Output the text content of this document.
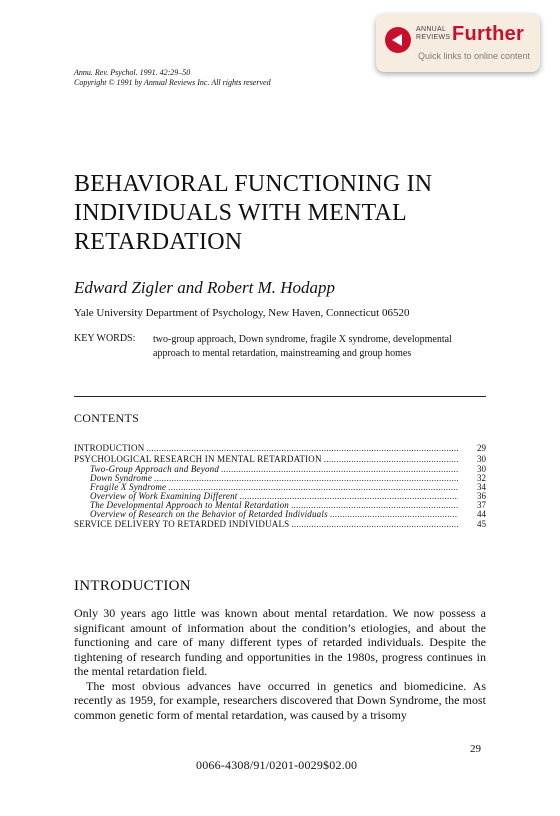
ANNUAL
REVIEWS Further
Quick links to online content
Annu. Rev. Psychol. 1991. 42:29–50
Copyright © 1991 by Annual Reviews Inc. All rights reserved
BEHAVIORAL FUNCTIONING IN
INDIVIDUALS WITH MENTAL
RETARDATION
Edward Zigler and Robert M. Hodapp
Yale University Department of Psychology, New Haven, Connecticut 06520
KEY WORDS: two-group approach, Down syndrome, fragile X syndrome, developmental approach to mental retardation, mainstreaming and group homes
CONTENTS
INTRODUCTION . . .	29
PSYCHOLOGICAL RESEARCH IN MENTAL RETARDATION . . .	30
Two-Group Approach and Beyond . . .	30
Down Syndrome . . .	32
Fragile X Syndrome . . .	34
Overview of Work Examining Different . . .	36
The Developmental Approach to Mental Retardation . . .	37
Overview of Research on the Behavior of Retarded Individuals . . .	44
SERVICE DELIVERY TO RETARDED INDIVIDUALS . . .	45
INTRODUCTION

Only 30 years ago little was known about mental retardation. We now possess a significant amount of information about the condition’s etiologies, and about the functioning and care of many different types of retarded individuals. Despite the tightening of research funding and opportunities in the 1980s, progress continues in the mental retardation field.

The most obvious advances have occurred in genetics and biomedicine. As recently as 1959, for example, researchers discovered that Down Syndrome, the most common genetic form of mental retardation, was caused by a trisomy

29
0066-4308/91/0201-0029$02.00
